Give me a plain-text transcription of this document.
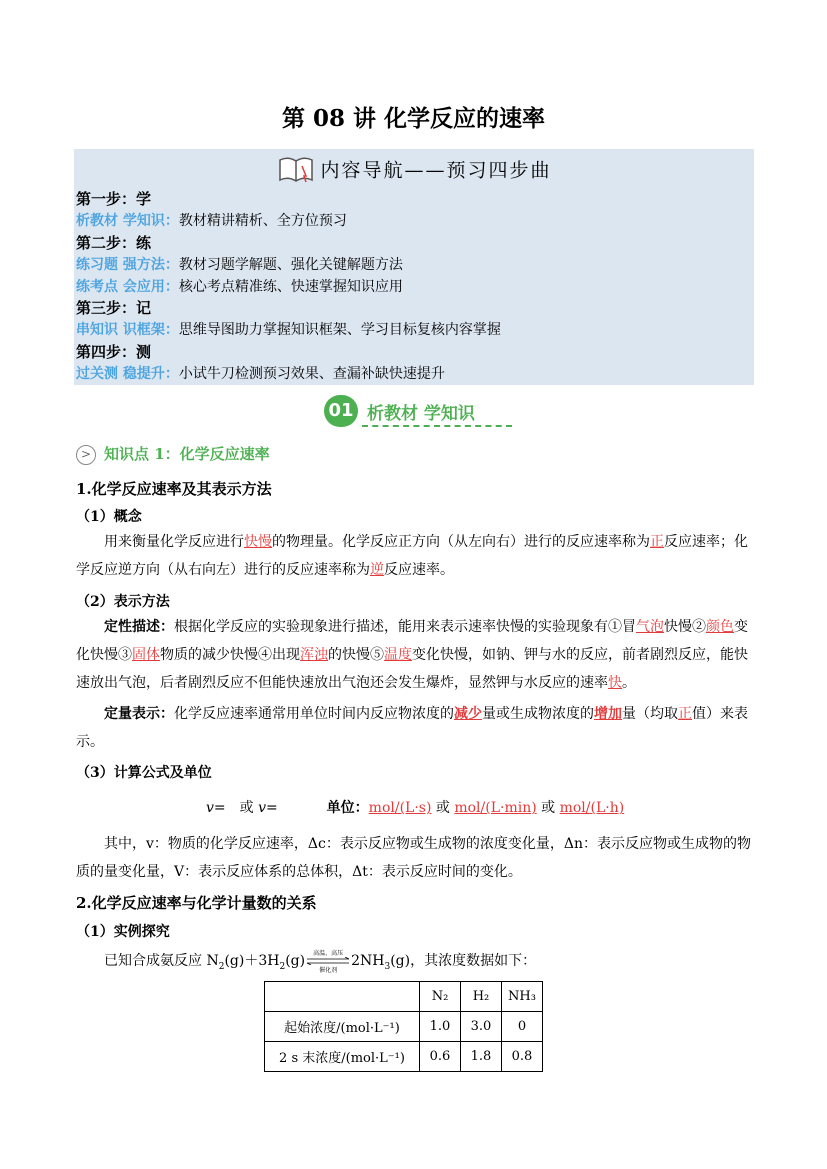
第 08 讲 化学反应的速率
内容导航——预习四步曲
第一步：学
析教材 学知识：教材精讲精析、全方位预习
第二步：练
练习题 强方法：教材习题学解题、强化关键解题方法
练考点 会应用：核心考点精准练、快速掌握知识应用
第三步：记
串知识 识框架：思维导图助力掌握知识框架、学习目标复核内容掌握
第四步：测
过关测 稳提升：小试牛刀检测预习效果、查漏补缺快速提升
01 析教材 学知识
> 知识点 1：化学反应速率
1.化学反应速率及其表示方法
（1）概念
用来衡量化学反应进行快慢的物理量。化学反应正方向（从左向右）进行的反应速率称为正反应速率；化学反应逆方向（从右向左）进行的反应速率称为逆反应速率。
（2）表示方法
定性描述：根据化学反应的实验现象进行描述，能用来表示速率快慢的实验现象有①冒气泡快慢②颜色变化快慢③固体物质的减少快慢④出现浑浊的快慢⑤温度变化快慢，如钠、钾与水的反应，前者剧烈反应，能快速放出气泡，后者剧烈反应不但能快速放出气泡还会发生爆炸，显然钾与水反应的速率快。
定量表示：化学反应速率通常用单位时间内反应物浓度的减少量或生成物浓度的增加量（均取正值）来表示。
（3）计算公式及单位
v= 或 v=	单位：mol/(L·s) 或 mol/(L·min) 或 mol/(L·h)
其中，v：物质的化学反应速率，Δc：表示反应物或生成物的浓度变化量，Δn：表示反应物或生成物的物质的量变化量，V：表示反应体系的总体积，Δt：表示反应时间的变化。
2.化学反应速率与化学计量数的关系
（1）实例探究
已知合成氨反应 $N_2(g)+3H_2(g)$	高温、高压
催化剂
$2NH_3(g)$，其浓度数据如下：
	N₂	H₂	NH₃
起始浓度/(mol·L⁻¹)	1.0	3.0	0
2 s 末浓度/(mol·L⁻¹)	0.6	1.8	0.8
